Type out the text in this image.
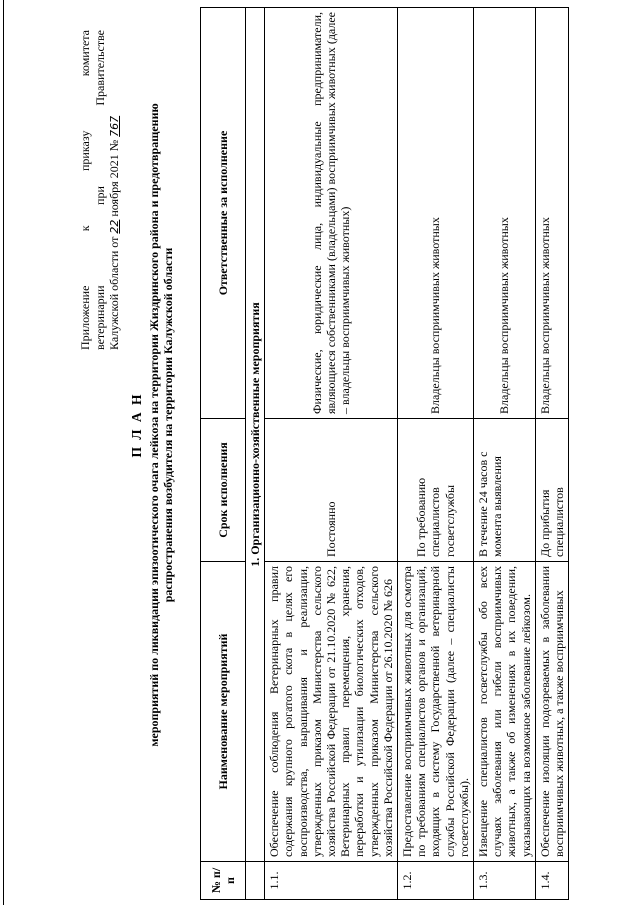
Приложение к приказу комитета ветеринарии при Правительстве Калужской области от 22 ноября 2021 № 767
П Л А Н мероприятий по ликвидации эпизоотического очага лейкоза на территории Жиздринского района и предотвращению распространения возбудителя на территории Калужской области
№ п/п	Наименование мероприятий	Срок исполнения	Ответственные за исполнение
	1. Организационно-хозяйственные мероприятия		
1.1.	Обеспечение соблюдения Ветеринарных правил содержания крупного рогатого скота в целях его воспроизводства, выращивания и реализации, утвержденных приказом Министерства сельского хозяйства Российской Федерации от 21.10.2020 № 622, Ветеринарных правил перемещения, хранения, переработки и утилизации биологических отходов, утвержденных приказом Министерства сельского хозяйства Российской Федерации от 26.10.2020 № 626	Постоянно	Физические, юридические лица, индивидуальные предприниматели, являющиеся собственниками (владельцами) восприимчивых животных (далее – владельцы восприимчивых животных)
1.2.	Предоставление восприимчивых животных для осмотра по требованиям специалистов органов и организаций, входящих в систему Государственной ветеринарной службы Российской Федерации (далее – специалисты госветслужбы).	По требованию специалистов госветслужбы	Владельцы восприимчивых животных
1.3.	Извещение специалистов госветслужбы обо всех случаях заболевания или гибели восприимчивых животных, а также об изменениях в их поведении, указывающих на возможное заболевание лейкозом.	В течение 24 часов с момента выявления	Владельцы восприимчивых животных
1.4.	Обеспечение изоляции подозреваемых в заболевании восприимчивых животных, а также восприимчивых	До прибытия специалистов	Владельцы восприимчивых животных
